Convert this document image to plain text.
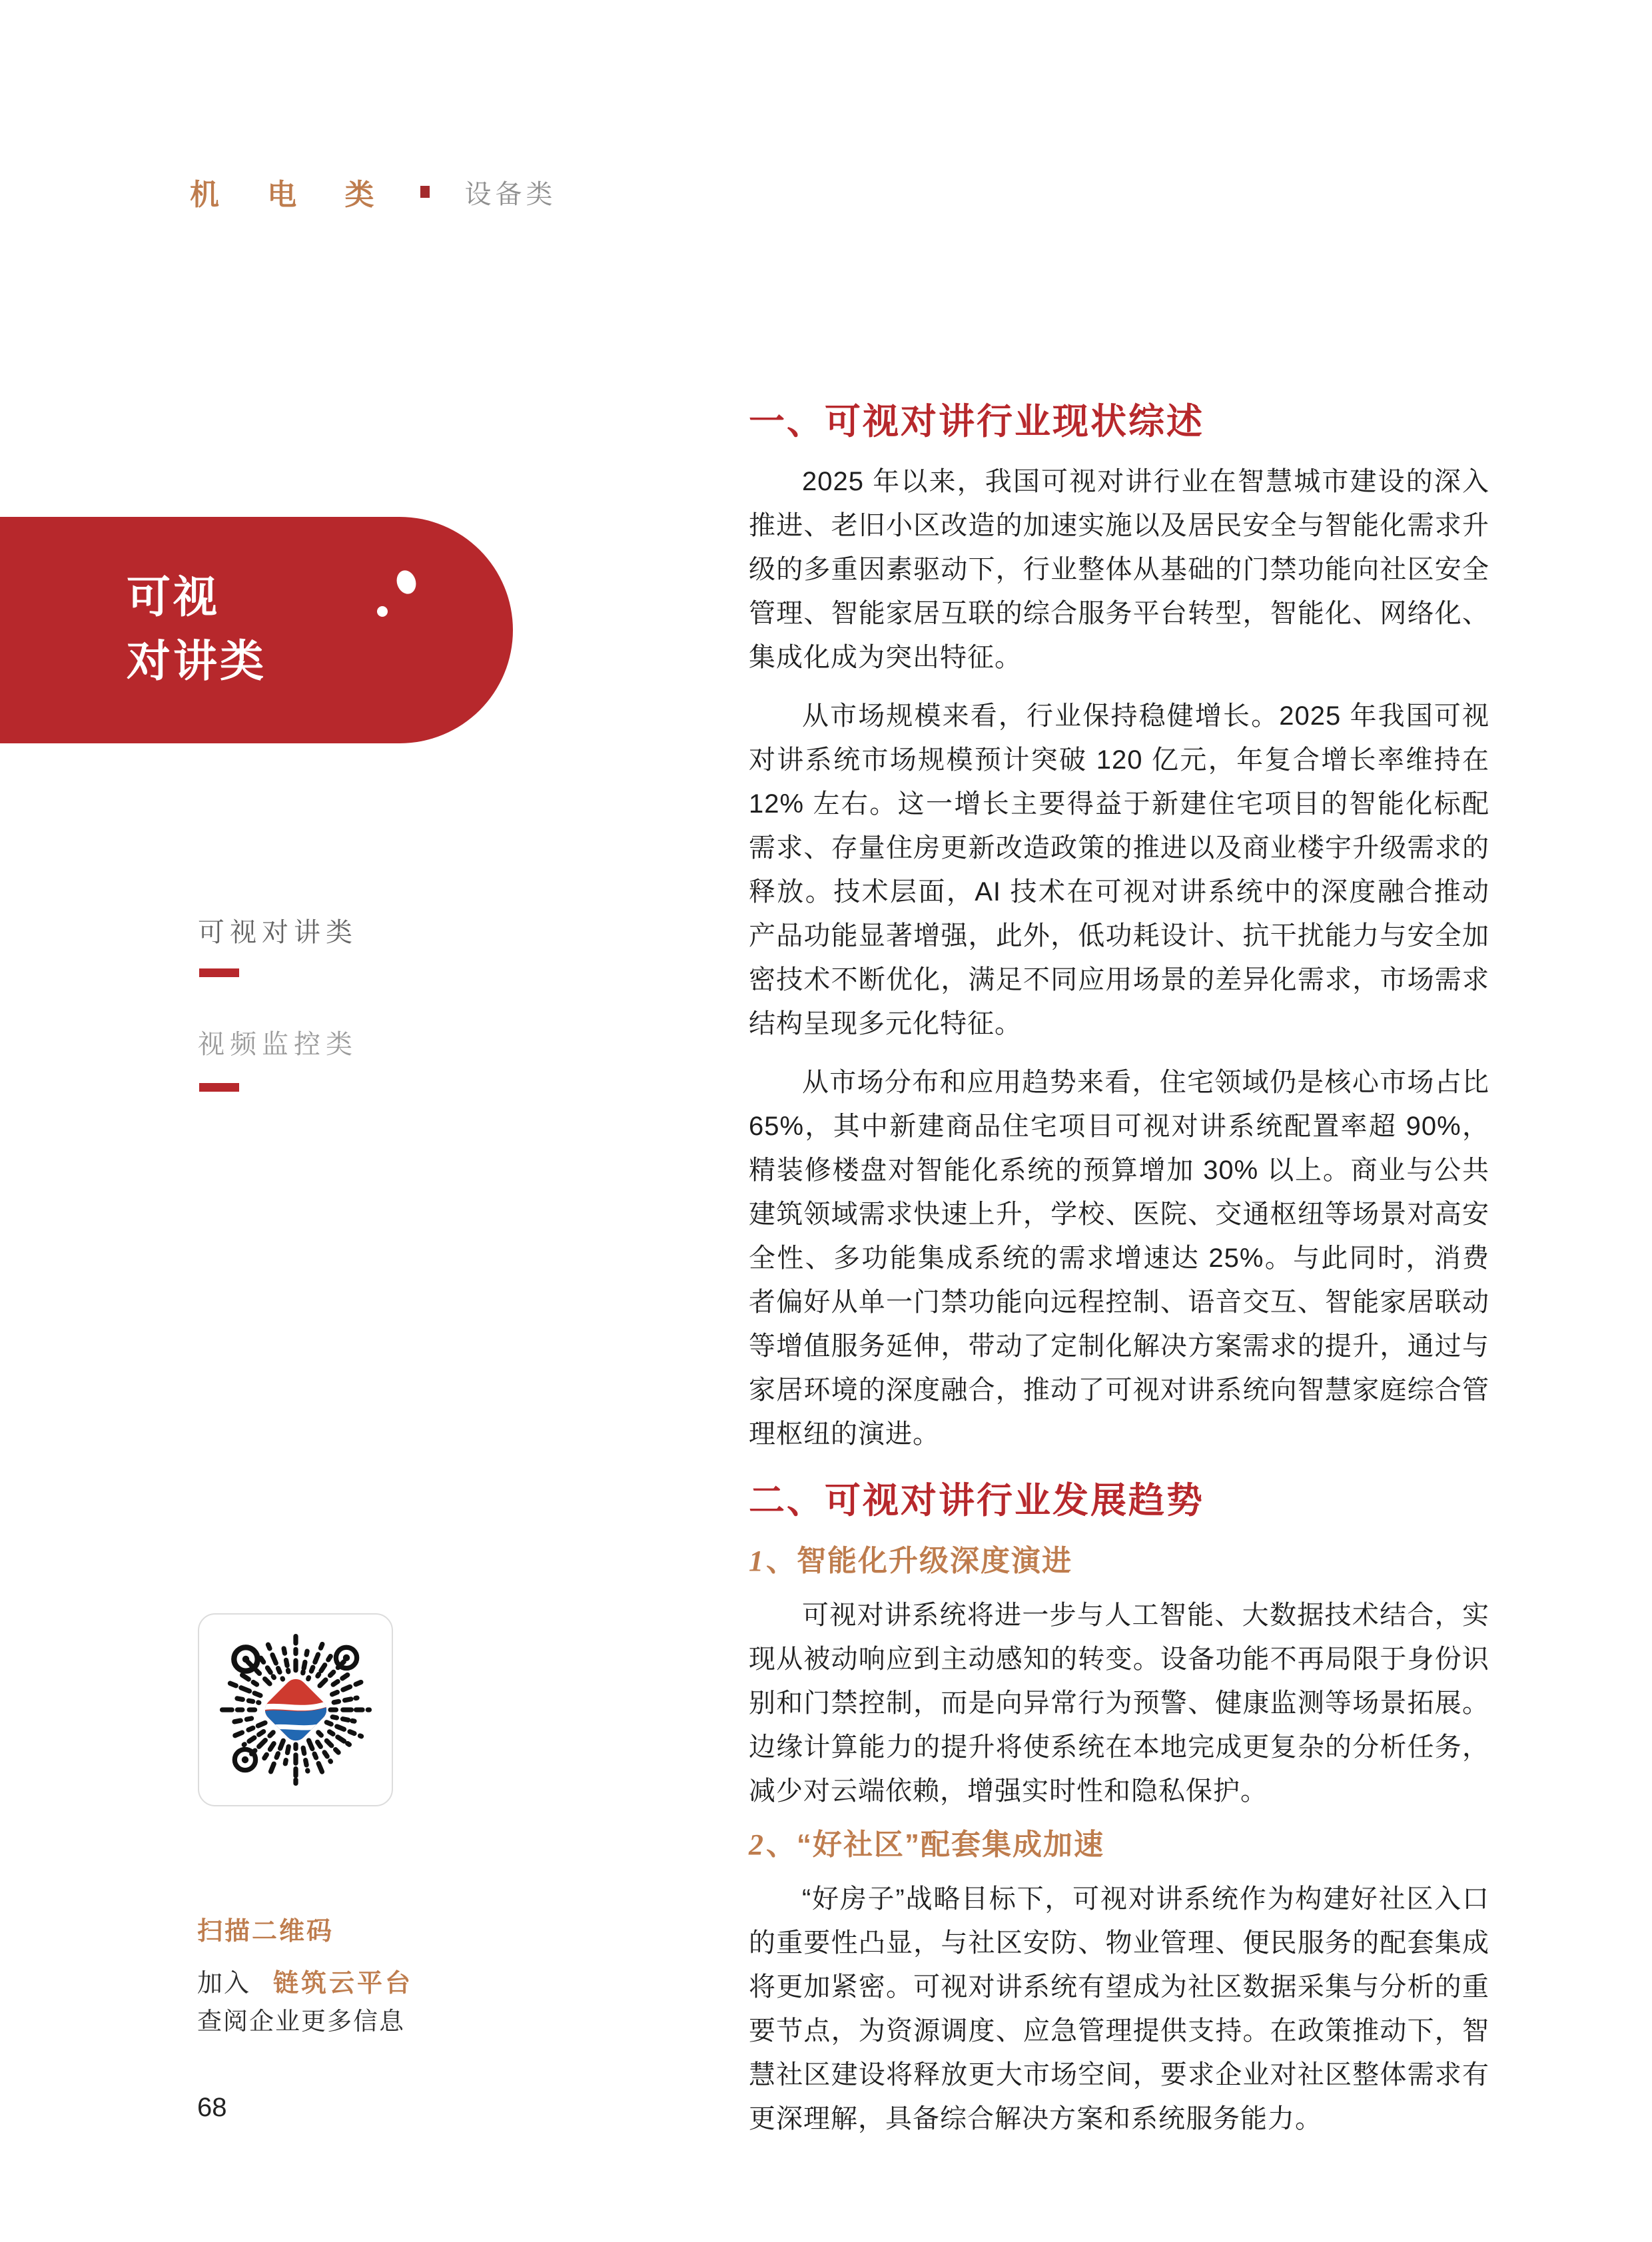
机 电 类	设备类
可视
对讲类
可视对讲类
视频监控类
扫描二维码
加入 链筑云平台
查阅企业更多信息
68
一、可视对讲行业现状综述

2025 年以来，我国可视对讲行业在智慧城市建设的深入推进、老旧小区改造的加速实施以及居民安全与智能化需求升级的多重因素驱动下，行业整体从基础的门禁功能向社区安全管理、智能家居互联的综合服务平台转型，智能化、网络化、集成化成为突出特征。

从市场规模来看，行业保持稳健增长。2025 年我国可视对讲系统市场规模预计突破 120 亿元，年复合增长率维持在 12% 左右。这一增长主要得益于新建住宅项目的智能化标配需求、存量住房更新改造政策的推进以及商业楼宇升级需求的释放。技术层面，AI 技术在可视对讲系统中的深度融合推动产品功能显著增强，此外，低功耗设计、抗干扰能力与安全加密技术不断优化，满足不同应用场景的差异化需求，市场需求结构呈现多元化特征。

从市场分布和应用趋势来看，住宅领域仍是核心市场占比 65%，其中新建商品住宅项目可视对讲系统配置率超 90%，精装修楼盘对智能化系统的预算增加 30% 以上。商业与公共建筑领域需求快速上升，学校、医院、交通枢纽等场景对高安全性、多功能集成系统的需求增速达 25%。与此同时，消费者偏好从单一门禁功能向远程控制、语音交互、智能家居联动等增值服务延伸，带动了定制化解决方案需求的提升，通过与家居环境的深度融合，推动了可视对讲系统向智慧家庭综合管理枢纽的演进。

二、可视对讲行业发展趋势
1、智能化升级深度演进

可视对讲系统将进一步与人工智能、大数据技术结合，实现从被动响应到主动感知的转变。设备功能不再局限于身份识别和门禁控制，而是向异常行为预警、健康监测等场景拓展。边缘计算能力的提升将使系统在本地完成更复杂的分析任务，减少对云端依赖，增强实时性和隐私保护。

2、“好社区”配套集成加速

“好房子”战略目标下，可视对讲系统作为构建好社区入口的重要性凸显，与社区安防、物业管理、便民服务的配套集成将更加紧密。可视对讲系统有望成为社区数据采集与分析的重要节点，为资源调度、应急管理提供支持。在政策推动下，智慧社区建设将释放更大市场空间，要求企业对社区整体需求有更深理解，具备综合解决方案和系统服务能力。
